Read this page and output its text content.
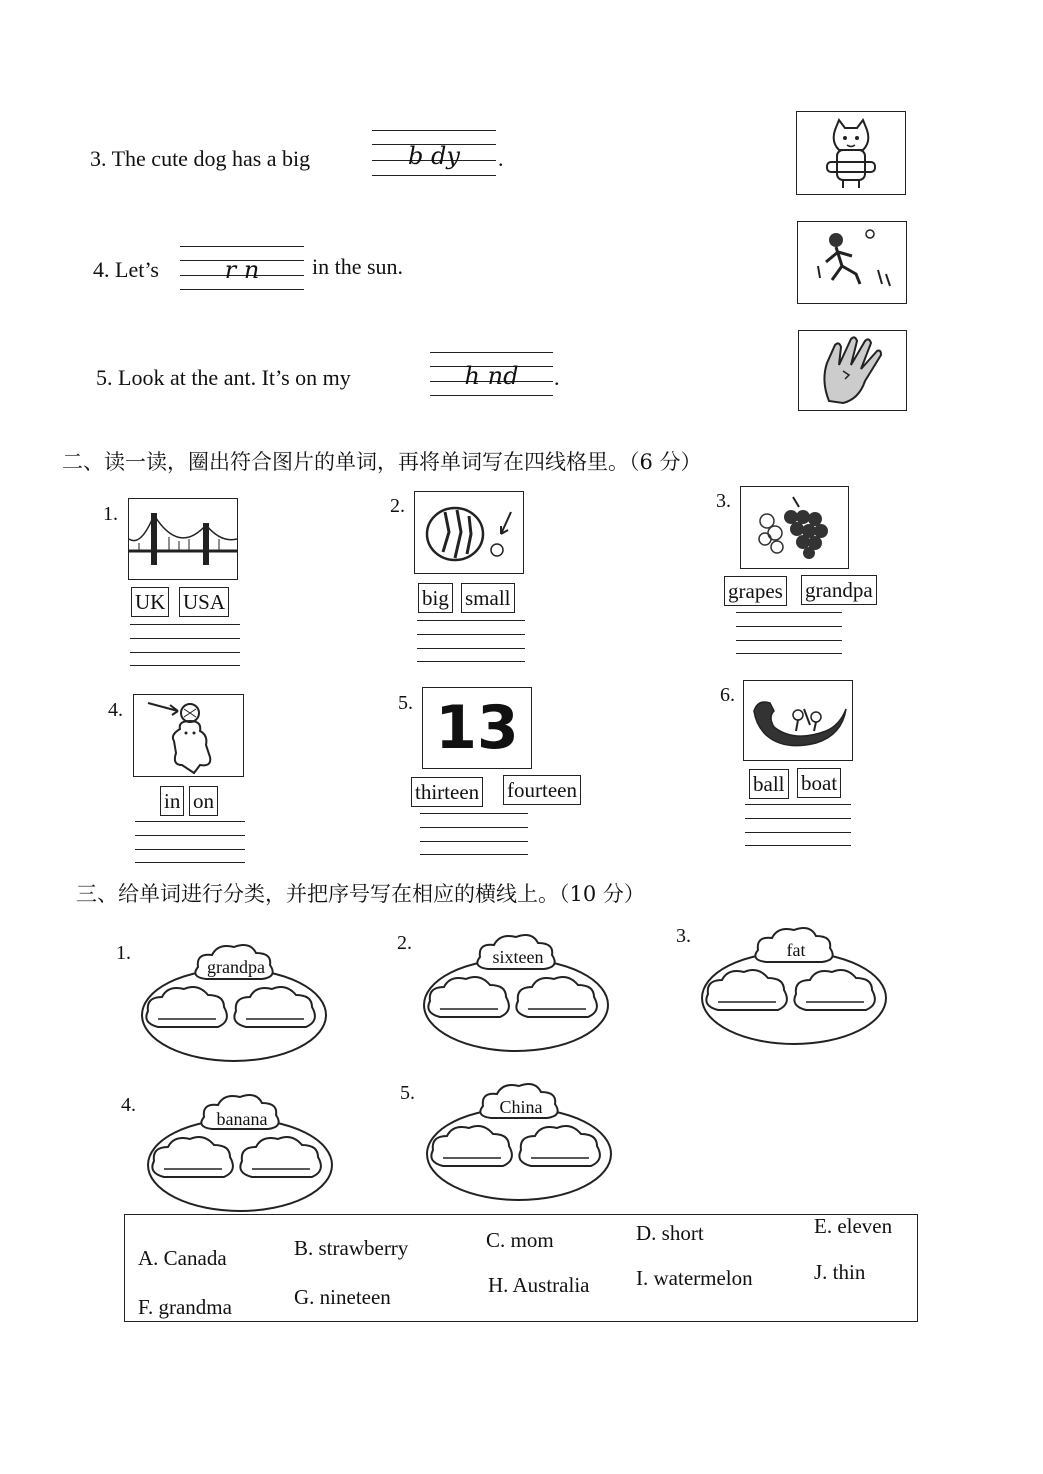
3. The cute dog has a big	b dy	.
4. Let’s	r n	in the sun.
5. Look at the ant. It’s on my	h nd	.
二、读一读，圈出符合图片的单词，再将单词写在四线格里。（6 分）
1.
UK USA
2.
big small
3.
grapes grandpa
4.
in on
5. 13
thirteen fourteen
6.
ball boat
三、给单词进行分类，并把序号写在相应的横线上。（10 分）
1.
grandpa
2.
sixteen
3.
fat
4.
banana
5.
China
A. Canada	B. strawberry	C. mom	D. short	E. eleven
F. grandma	G. nineteen	H. Australia I. watermelon	J. thin
